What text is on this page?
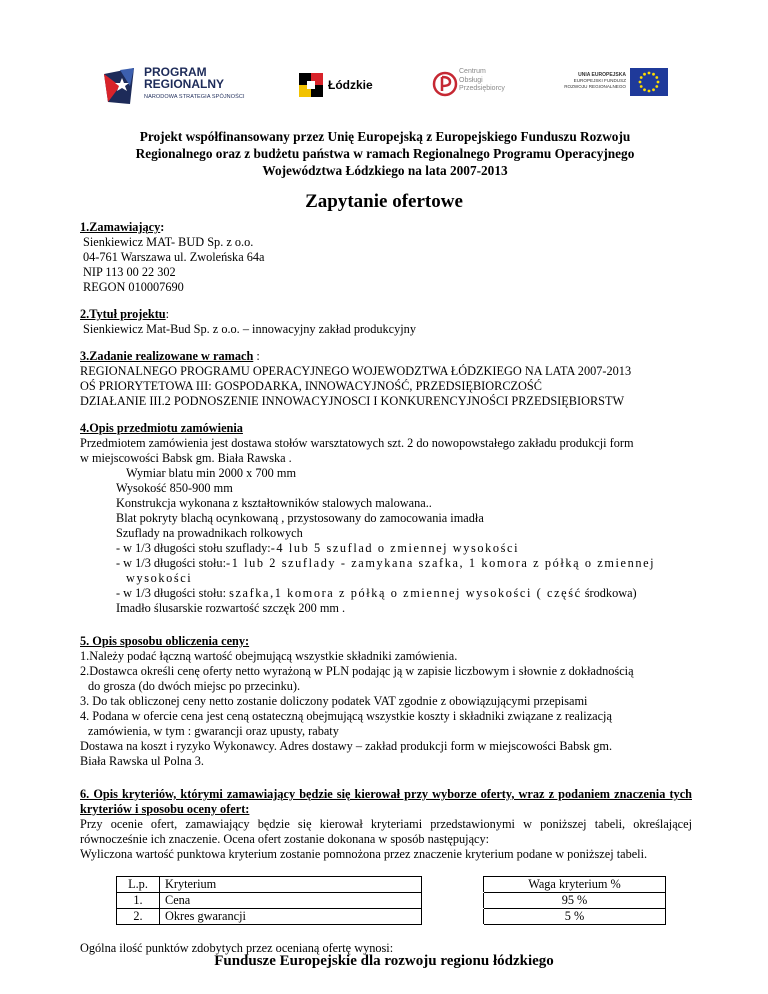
PROGRAM
REGIONALNY
NARODOWA STRATEGIA SPÓJNOŚCI
Łódzkie
Centrum
Obsługi
Przedsiębiorcy
UNIA EUROPEJSKA
EUROPEJSKI FUNDUSZ
ROZWOJU REGIONALNEGO
Projekt współfinansowany przez Unię Europejską z Europejskiego Funduszu Rozwoju
Regionalnego oraz z budżetu państwa w ramach Regionalnego Programu Operacyjnego
Województwa Łódzkiego na lata 2007-2013
Zapytanie ofertowe
1.Zamawiający:
Sienkiewicz MAT- BUD Sp. z o.o.
04-761 Warszawa ul. Zwoleńska 64a
NIP 113 00 22 302
REGON 010007690
2.Tytuł projektu:
Sienkiewicz Mat-Bud Sp. z o.o. – innowacyjny zakład produkcyjny
3.Zadanie realizowane w ramach :
REGIONALNEGO PROGRAMU OPERACYJNEGO WOJEWODZTWA ŁÓDZKIEGO NA LATA 2007-2013
OŚ PRIORYTETOWA III: GOSPODARKA, INNOWACYJNOŚĆ, PRZEDSIĘBIORCZOŚĆ
DZIAŁANIE III.2 PODNOSZENIE INNOWACYJNOSCI I KONKURENCYJNOŚCI PRZEDSIĘBIORSTW
4.Opis przedmiotu zamówienia
Przedmiotem zamówienia jest dostawa stołów warsztatowych szt. 2 do nowopowstałego zakładu produkcji form
w miejscowości Babsk gm. Biała Rawska .
Wymiar blatu min 2000 x 700 mm
Wysokość 850-900 mm
Konstrukcja wykonana z kształtowników stalowych malowana..
Blat pokryty blachą ocynkowaną , przystosowany do zamocowania imadła
Szuflady na prowadnikach rolkowych
- w 1/3 długości stołu szuflady:-4 lub 5 szuflad o zmiennej wysokości
- w 1/3 długości stołu:-1 lub 2 szuflady - zamykana szafka, 1 komora z półką o zmiennej
wysokości
- w 1/3 długości stołu: szafka,1 komora z półką o zmiennej wysokości ( część środkowa)
Imadło ślusarskie rozwartość szczęk 200 mm .
5. Opis sposobu obliczenia ceny:
1.Należy podać łączną wartość obejmującą wszystkie składniki zamówienia.
2.Dostawca określi cenę oferty netto wyrażoną w PLN podając ją w zapisie liczbowym i słownie z dokładnością
do grosza (do dwóch miejsc po przecinku).
3. Do tak obliczonej ceny netto zostanie doliczony podatek VAT zgodnie z obowiązującymi przepisami
4. Podana w ofercie cena jest ceną ostateczną obejmującą wszystkie koszty i składniki związane z realizacją
zamówienia, w tym : gwarancji oraz upusty, rabaty
Dostawa na koszt i ryzyko Wykonawcy. Adres dostawy – zakład produkcji form w miejscowości Babsk gm.
Biała Rawska ul Polna 3.
6. Opis kryteriów, którymi zamawiający będzie się kierował przy wyborze oferty, wraz z podaniem znaczenia tych kryteriów i sposobu oceny ofert:
Przy ocenie ofert, zamawiający będzie się kierował kryteriami przedstawionymi w poniższej tabeli, określającej równocześnie ich znaczenie. Ocena ofert zostanie dokonana w sposób następujący:
Wyliczona wartość punktowa kryterium zostanie pomnożona przez znaczenie kryterium podane w poniższej tabeli.
L.p.	Kryterium		Waga kryterium %
1.	Cena		95 %
2.	Okres gwarancji		5 %
Ogólna ilość punktów zdobytych przez ocenianą ofertę wynosi:
Fundusze Europejskie dla rozwoju regionu łódzkiego
